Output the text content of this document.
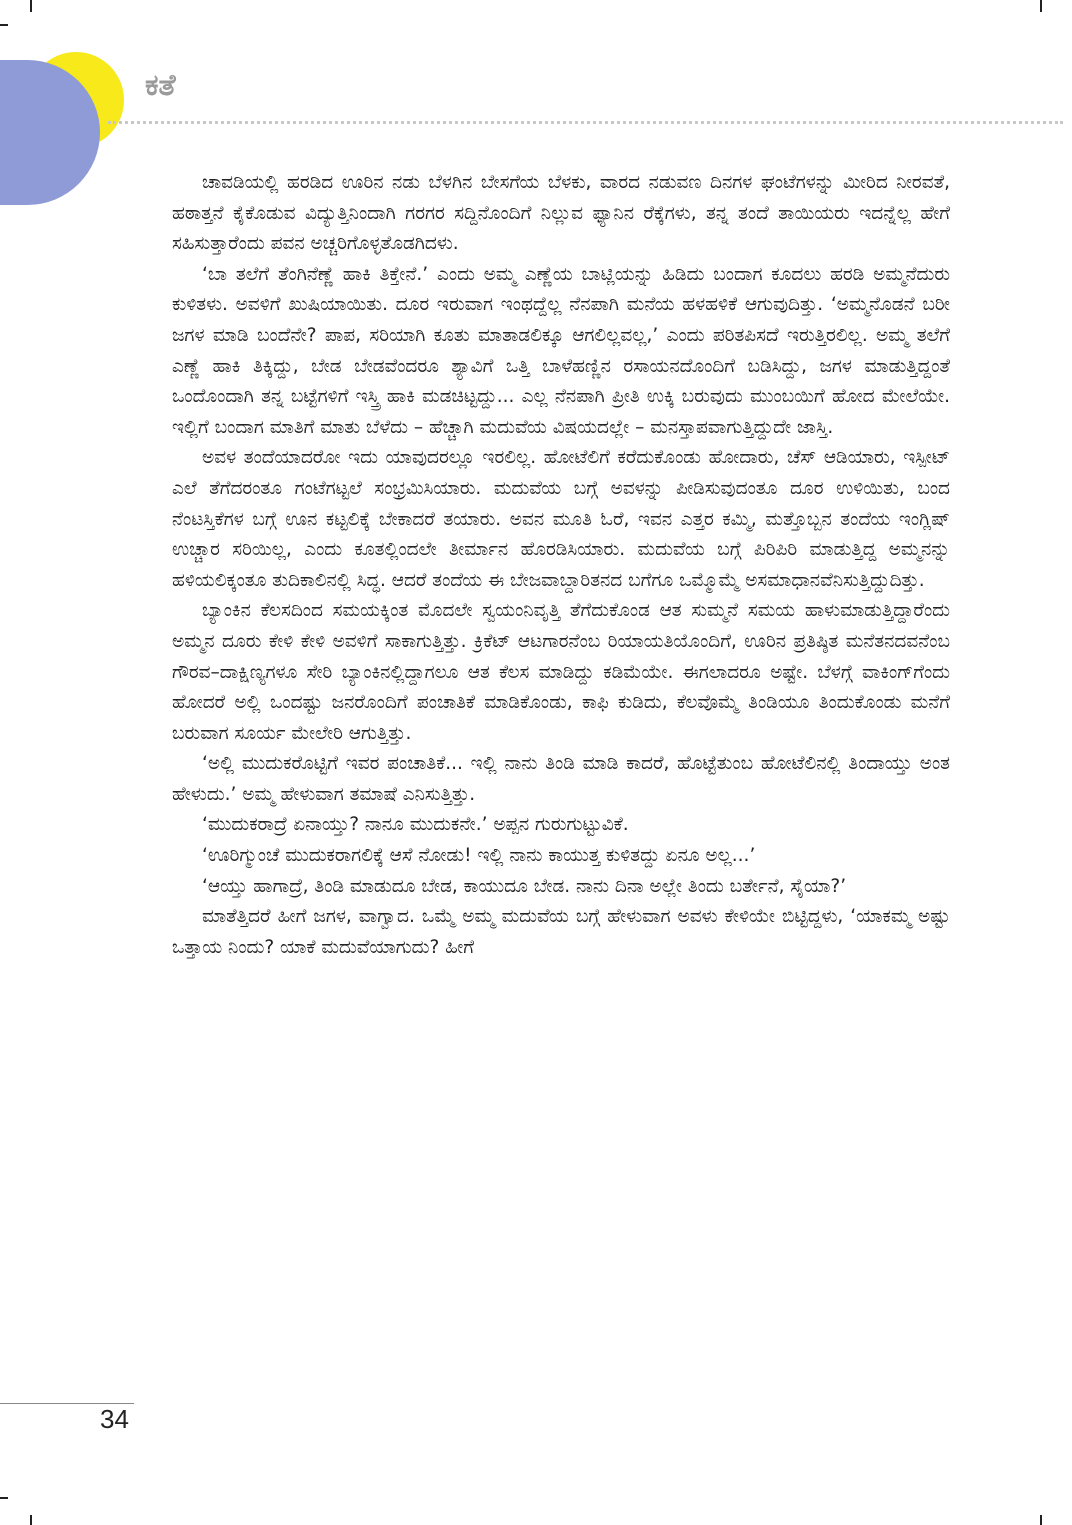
ಕತೆ

ಚಾವಡಿಯಲ್ಲಿ ಹರಡಿದ ಊರಿನ ನಡು ಬೆಳಗಿನ ಬೇಸಗೆಯ ಬೆಳಕು, ವಾರದ ನಡುವಣ ದಿನಗಳ ಘಂಟೆಗಳನ್ನು ಮೀರಿದ ನೀರವತೆ, ಹಠಾತ್ತನೆ ಕೈಕೊಡುವ ವಿದ್ಯುತ್ತಿನಿಂದಾಗಿ ಗರಗರ ಸದ್ದಿನೊಂದಿಗೆ ನಿಲ್ಲುವ ಫ್ಯಾನಿನ ರೆಕ್ಕೆಗಳು, ತನ್ನ ತಂದೆ ತಾಯಿಯರು ಇದನ್ನೆಲ್ಲ ಹೇಗೆ ಸಹಿಸುತ್ತಾರೆಂದು ಪವನ ಅಚ್ಚರಿಗೊಳ್ಳತೊಡಗಿದಳು.

‘ಬಾ ತಲೆಗೆ ತೆಂಗಿನೆಣ್ಣೆ ಹಾಕಿ ತಿಕ್ತೇನೆ.’ ಎಂದು ಅಮ್ಮ ಎಣ್ಣೆಯ ಬಾಟ್ಲಿಯನ್ನು ಹಿಡಿದು ಬಂದಾಗ ಕೂದಲು ಹರಡಿ ಅಮ್ಮನೆದುರು ಕುಳಿತಳು. ಅವಳಿಗೆ ಖುಷಿಯಾಯಿತು. ದೂರ ಇರುವಾಗ ಇಂಥದ್ದೆಲ್ಲ ನೆನಪಾಗಿ ಮನೆಯ ಹಳಹಳಿಕೆ ಆಗುವುದಿತ್ತು. ‘ಅಮ್ಮನೊಡನೆ ಬರೀ ಜಗಳ ಮಾಡಿ ಬಂದೆನೇ? ಪಾಪ, ಸರಿಯಾಗಿ ಕೂತು ಮಾತಾಡಲಿಕ್ಕೂ ಆಗಲಿಲ್ಲವಲ್ಲ,’ ಎಂದು ಪರಿತಪಿಸದೆ ಇರುತ್ತಿರಲಿಲ್ಲ. ಅಮ್ಮ ತಲೆಗೆ ಎಣ್ಣೆ ಹಾಕಿ ತಿಕ್ಕಿದ್ದು, ಬೇಡ ಬೇಡವೆಂದರೂ ಶ್ಯಾವಿಗೆ ಒತ್ತಿ ಬಾಳೆಹಣ್ಣಿನ ರಸಾಯನದೊಂದಿಗೆ ಬಡಿಸಿದ್ದು, ಜಗಳ ಮಾಡುತ್ತಿದ್ದಂತೆ ಒಂದೊಂದಾಗಿ ತನ್ನ ಬಟ್ಟೆಗಳಿಗೆ ಇಸ್ತ್ರಿ ಹಾಕಿ ಮಡಚಿಟ್ಟದ್ದು... ಎಲ್ಲ ನೆನಪಾಗಿ ಪ್ರೀತಿ ಉಕ್ಕಿ ಬರುವುದು ಮುಂಬಯಿಗೆ ಹೋದ ಮೇಲೆಯೇ. ಇಲ್ಲಿಗೆ ಬಂದಾಗ ಮಾತಿಗೆ ಮಾತು ಬೆಳೆದು – ಹೆಚ್ಚಾಗಿ ಮದುವೆಯ ವಿಷಯದಲ್ಲೇ – ಮನಸ್ತಾಪವಾಗುತ್ತಿದ್ದುದೇ ಜಾಸ್ತಿ.

ಅವಳ ತಂದೆಯಾದರೋ ಇದು ಯಾವುದರಲ್ಲೂ ಇರಲಿಲ್ಲ. ಹೋಟೆಲಿಗೆ ಕರೆದುಕೊಂಡು ಹೋದಾರು, ಚೆಸ್ ಆಡಿಯಾರು, ಇಸ್ಪೀಟ್ ಎಲೆ ತೆಗೆದರಂತೂ ಗಂಟೆಗಟ್ಟಲೆ ಸಂಭ್ರಮಿಸಿಯಾರು. ಮದುವೆಯ ಬಗ್ಗೆ ಅವಳನ್ನು ಪೀಡಿಸುವುದಂತೂ ದೂರ ಉಳಿಯಿತು, ಬಂದ ನೆಂಟಸ್ತಿಕೆಗಳ ಬಗ್ಗೆ ಊನ ಕಟ್ಟಲಿಕ್ಕೆ ಬೇಕಾದರೆ ತಯಾರು. ಅವನ ಮೂತಿ ಓರೆ, ಇವನ ಎತ್ತರ ಕಮ್ಮಿ, ಮತ್ತೊಬ್ಬನ ತಂದೆಯ ಇಂಗ್ಲಿಷ್ ಉಚ್ಚಾರ ಸರಿಯಿಲ್ಲ, ಎಂದು ಕೂತಲ್ಲಿಂದಲೇ ತೀರ್ಮಾನ ಹೊರಡಿಸಿಯಾರು. ಮದುವೆಯ ಬಗ್ಗೆ ಪಿರಿಪಿರಿ ಮಾಡುತ್ತಿದ್ದ ಅಮ್ಮನನ್ನು ಹಳಿಯಲಿಕ್ಕಂತೂ ತುದಿಕಾಲಿನಲ್ಲಿ ಸಿದ್ಧ. ಆದರೆ ತಂದೆಯ ಈ ಬೇಜವಾಬ್ದಾರಿತನದ ಬಗೆಗೂ ಒಮ್ಮೊಮ್ಮೆ ಅಸಮಾಧಾನವೆನಿಸುತ್ತಿದ್ದುದಿತ್ತು.

ಬ್ಯಾಂಕಿನ ಕೆಲಸದಿಂದ ಸಮಯಕ್ಕಿಂತ ಮೊದಲೇ ಸ್ವಯಂನಿವೃತ್ತಿ ತೆಗೆದುಕೊಂಡ ಆತ ಸುಮ್ಮನೆ ಸಮಯ ಹಾಳುಮಾಡುತ್ತಿದ್ದಾರೆಂದು ಅಮ್ಮನ ದೂರು ಕೇಳಿ ಕೇಳಿ ಅವಳಿಗೆ ಸಾಕಾಗುತ್ತಿತ್ತು. ಕ್ರಿಕೆಟ್ ಆಟಗಾರನೆಂಬ ರಿಯಾಯತಿಯೊಂದಿಗೆ, ಊರಿನ ಪ್ರತಿಷ್ಠಿತ ಮನೆತನದವನೆಂಬ ಗೌರವ–ದಾಕ್ಷಿಣ್ಯಗಳೂ ಸೇರಿ ಬ್ಯಾಂಕಿನಲ್ಲಿದ್ದಾಗಲೂ ಆತ ಕೆಲಸ ಮಾಡಿದ್ದು ಕಡಿಮೆಯೇ. ಈಗಲಾದರೂ ಅಷ್ಟೇ. ಬೆಳಗ್ಗೆ ವಾಕಿಂಗ್‌ಗೆಂದು ಹೋದರೆ ಅಲ್ಲಿ ಒಂದಷ್ಟು ಜನರೊಂದಿಗೆ ಪಂಚಾತಿಕೆ ಮಾಡಿಕೊಂಡು, ಕಾಫಿ ಕುಡಿದು, ಕೆಲವೊಮ್ಮೆ ತಿಂಡಿಯೂ ತಿಂದುಕೊಂಡು ಮನೆಗೆ ಬರುವಾಗ ಸೂರ್ಯ ಮೇಲೇರಿ ಆಗುತ್ತಿತ್ತು.

‘ಅಲ್ಲಿ ಮುದುಕರೊಟ್ಟಿಗೆ ಇವರ ಪಂಚಾತಿಕೆ... ಇಲ್ಲಿ ನಾನು ತಿಂಡಿ ಮಾಡಿ ಕಾದರೆ, ಹೊಟ್ಟೆತುಂಬ ಹೋಟೆಲಿನಲ್ಲಿ ತಿಂದಾಯ್ತು ಅಂತ ಹೇಳುದು.’ ಅಮ್ಮ ಹೇಳುವಾಗ ತಮಾಷೆ ಎನಿಸುತ್ತಿತ್ತು.

‘ಮುದುಕರಾದ್ರೆ ಏನಾಯ್ತು? ನಾನೂ ಮುದುಕನೇ.’ ಅಪ್ಪನ ಗುರುಗುಟ್ಟುವಿಕೆ.

‘ಊರಿಗ್ಮುಂಚೆ ಮುದುಕರಾಗಲಿಕ್ಕೆ ಆಸೆ ನೋಡು! ಇಲ್ಲಿ ನಾನು ಕಾಯುತ್ತ ಕುಳಿತದ್ದು ಏನೂ ಅಲ್ಲ...’

‘ಆಯ್ತು ಹಾಗಾದ್ರೆ, ತಿಂಡಿ ಮಾಡುದೂ ಬೇಡ, ಕಾಯುದೂ ಬೇಡ. ನಾನು ದಿನಾ ಅಲ್ಲೇ ತಿಂದು ಬರ್ತೇನೆ, ಸೈಯಾ?’

ಮಾತೆತ್ತಿದರೆ ಹೀಗೆ ಜಗಳ, ವಾಗ್ವಾದ. ಒಮ್ಮೆ ಅಮ್ಮ ಮದುವೆಯ ಬಗ್ಗೆ ಹೇಳುವಾಗ ಅವಳು ಕೇಳಿಯೇ ಬಿಟ್ಟಿದ್ದಳು, ‘ಯಾಕಮ್ಮ ಅಷ್ಟು ಒತ್ತಾಯ ನಿಂದು? ಯಾಕೆ ಮದುವೆಯಾಗುದು? ಹೀಗೆ

34
